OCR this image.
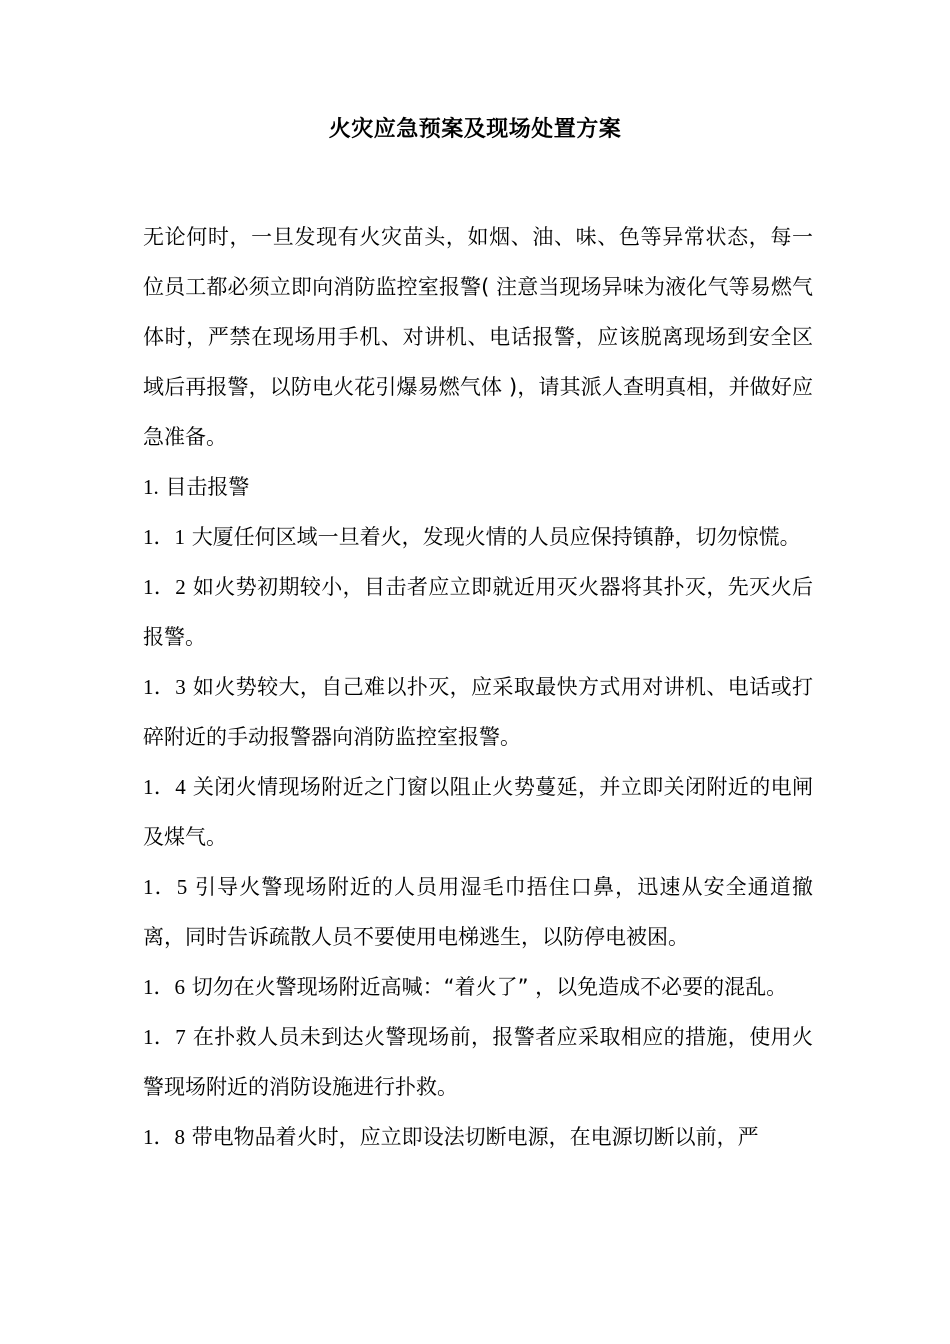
火灾应急预案及现场处置方案

无论何时，一旦发现有火灾苗头，如烟、油、味、色等异常状态，每一位员工都必须立即向消防监控室报警( 注意当现场异味为液化气等易燃气体时，严禁在现场用手机、对讲机、电话报警，应该脱离现场到安全区域后再报警，以防电火花引爆易燃气体 )，请其派人查明真相，并做好应急准备。

1. 目击报警

1．1 大厦任何区域一旦着火，发现火情的人员应保持镇静，切勿惊慌。

1．2 如火势初期较小，目击者应立即就近用灭火器将其扑灭，先灭火后报警。

1．3 如火势较大，自己难以扑灭，应采取最快方式用对讲机、电话或打碎附近的手动报警器向消防监控室报警。

1．4 关闭火情现场附近之门窗以阻止火势蔓延，并立即关闭附近的电闸及煤气。

1．5 引导火警现场附近的人员用湿毛巾捂住口鼻，迅速从安全通道撤离，同时告诉疏散人员不要使用电梯逃生，以防停电被困。

1．6 切勿在火警现场附近高喊：“着火了” ，以免造成不必要的混乱。

1．7 在扑救人员未到达火警现场前，报警者应采取相应的措施，使用火警现场附近的消防设施进行扑救。

1．8 带电物品着火时，应立即设法切断电源，在电源切断以前，严
